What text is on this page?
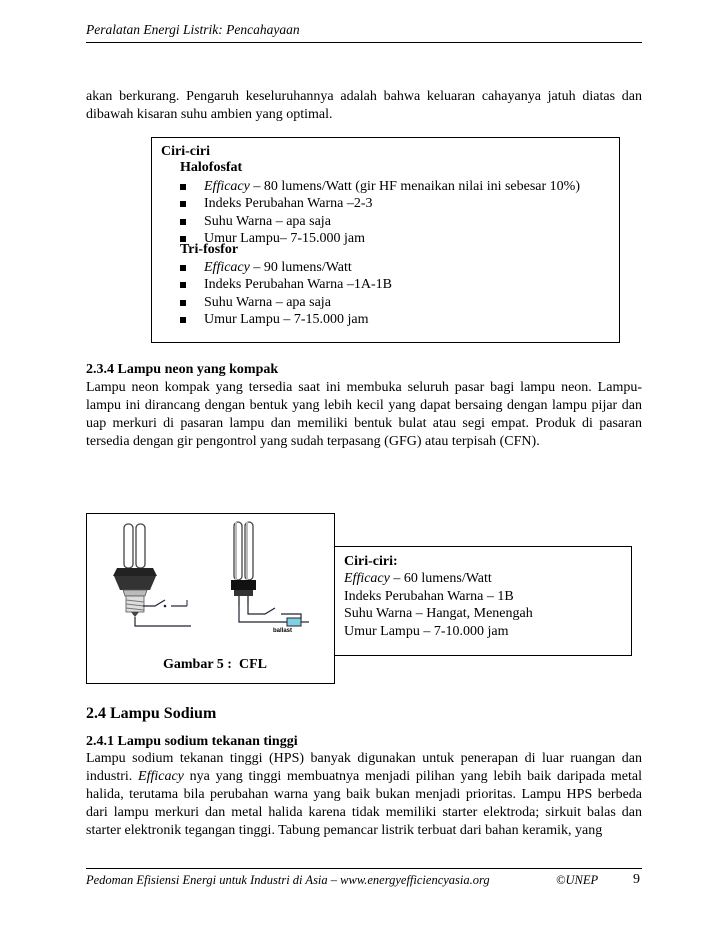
Peralatan Energi Listrik: Pencahayaan

akan berkurang. Pengaruh keseluruhannya adalah bahwa keluaran cahayanya jatuh diatas dan dibawah kisaran suhu ambien yang optimal.

Ciri-ciri
Halofosfat
Efficacy – 80 lumens/Watt (gir HF menaikan nilai ini sebesar 10%)
Indeks Perubahan Warna –2-3
Suhu Warna – apa saja
Umur Lampu– 7-15.000 jam
Tri-fosfor
Efficacy – 90 lumens/Watt
Indeks Perubahan Warna –1A-1B
Suhu Warna – apa saja
Umur Lampu – 7-15.000 jam
2.3.4 Lampu neon yang kompak

Lampu neon kompak yang tersedia saat ini membuka seluruh pasar bagi lampu neon. Lampu-lampu ini dirancang dengan bentuk yang lebih kecil yang dapat bersaing dengan lampu pijar dan uap merkuri di pasaran lampu dan memiliki bentuk bulat atau segi empat. Produk di pasaran tersedia dengan gir pengontrol yang sudah terpasang (GFG) atau terpisah (CFN).

ballast
Gambar 5 :  CFL
Ciri-ciri:
Efficacy – 60 lumens/Watt
Indeks Perubahan Warna – 1B
Suhu Warna – Hangat, Menengah
Umur Lampu – 7-10.000 jam
2.4 Lampu Sodium
2.4.1 Lampu sodium tekanan tinggi

Lampu sodium tekanan tinggi (HPS) banyak digunakan untuk penerapan di luar ruangan dan industri. Efficacy nya yang tinggi membuatnya menjadi pilihan yang lebih baik daripada metal halida, terutama bila perubahan warna yang baik bukan menjadi prioritas. Lampu HPS berbeda dari lampu merkuri dan metal halida karena tidak memiliki starter elektroda; sirkuit balas dan starter elektronik tegangan tinggi. Tabung pemancar listrik terbuat dari bahan keramik, yang

Pedoman Efisiensi Energi untuk Industri di Asia – www.energyefficiencyasia.org	©UNEP 9
